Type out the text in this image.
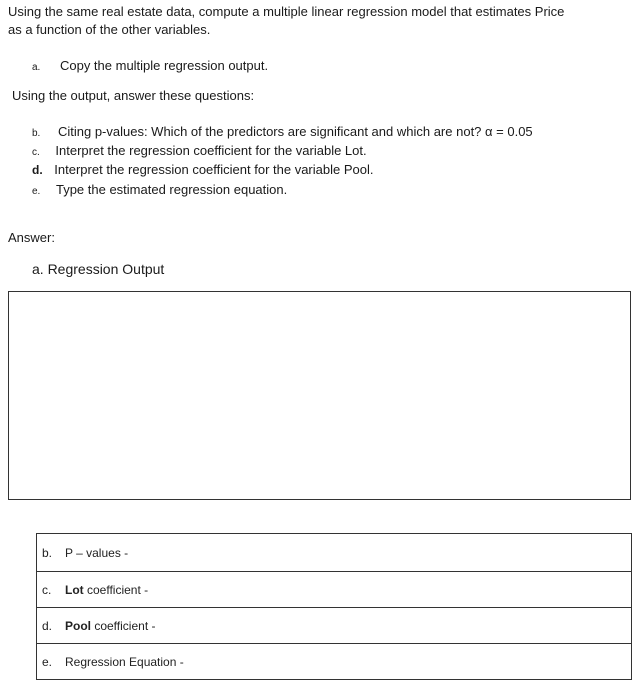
Using the same real estate data, compute a multiple linear regression model that estimates Price
as a function of the other variables.
a. Copy the multiple regression output.
Using the output, answer these questions:
b. Citing p-values: Which of the predictors are significant and which are not? α = 0.05
c. Interpret the regression coefficient for the variable Lot.
d. Interpret the regression coefficient for the variable Pool.
e. Type the estimated regression equation.
Answer:
a. Regression Output
b. P – values -
c. Lot coefficient -
d. Pool coefficient -
e. Regression Equation -
